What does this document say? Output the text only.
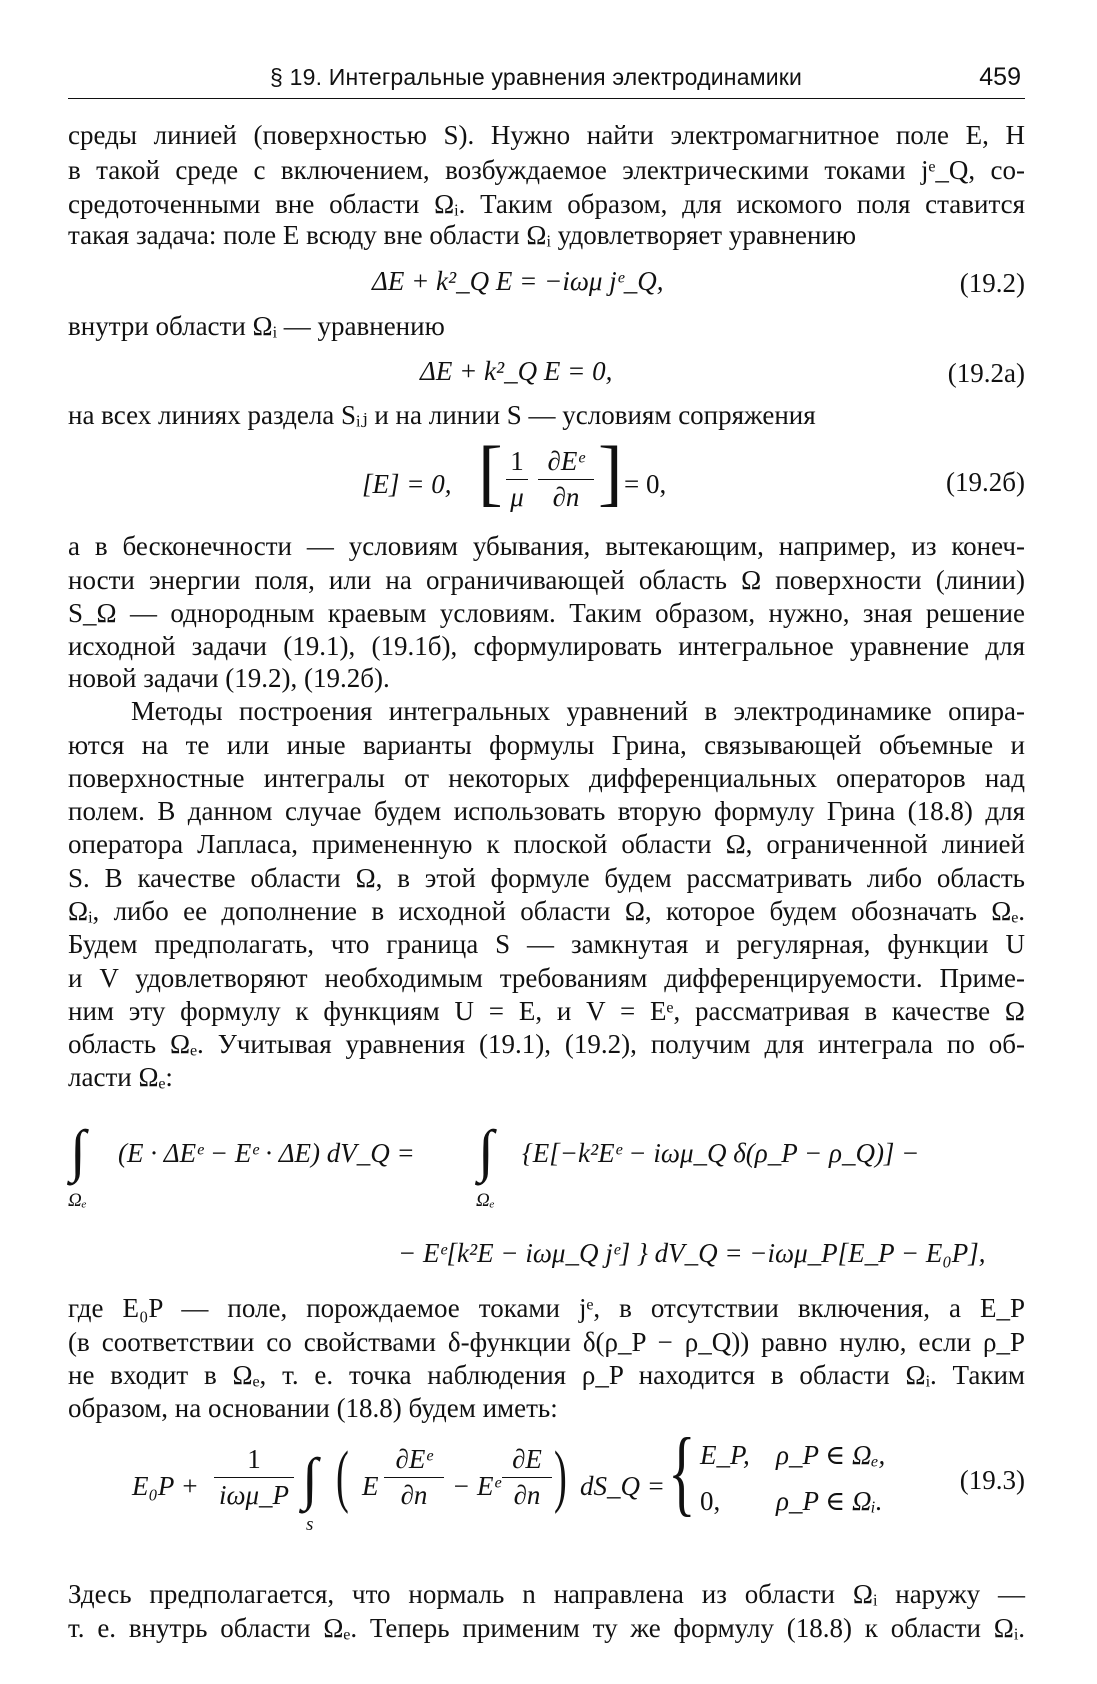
§ 19. Интегральные уравнения электродинамики	459
среды линией (поверхностью S). Нужно найти электромагнитное поле E, H
в такой среде с включением, возбуждаемое электрическими токами jᵉ_Q, со-
средоточенными вне области Ωᵢ. Таким образом, для искомого поля ставится
такая задача: поле E всюду вне области Ωᵢ удовлетворяет уравнению
ΔE + k²_Q E = −iωμ jᵉ_Q,	(19.2)
внутри области Ωᵢ — уравнению
ΔE + k²_Q E = 0,	(19.2а)
на всех линиях раздела Sᵢⱼ и на линии S — условиям сопряжения
[E] = 0, [ 1
μ
∂Eᵉ
∂n ] = 0,	(19.2б)
а в бесконечности — условиям убывания, вытекающим, например, из конеч-
ности энергии поля, или на ограничивающей область Ω поверхности (линии)
S_Ω — однородным краевым условиям. Таким образом, нужно, зная решение
исходной задачи (19.1), (19.1б), сформулировать интегральное уравнение для
новой задачи (19.2), (19.2б).
Методы построения интегральных уравнений в электродинамике опира-
ются на те или иные варианты формулы Грина, связывающей объемные и
поверхностные интегралы от некоторых дифференциальных операторов над
полем. В данном случае будем использовать вторую формулу Грина (18.8) для
оператора Лапласа, примененную к плоской области Ω, ограниченной линией
S. В качестве области Ω, в этой формуле будем рассматривать либо область
Ωᵢ, либо ее дополнение в исходной области Ω, которое будем обозначать Ωₑ.
Будем предполагать, что граница S — замкнутая и регулярная, функции U
и V удовлетворяют необходимым требованиям дифференцируемости. Приме-
ним эту формулу к функциям U = E, и V = Eᵉ, рассматривая в качестве Ω
область Ωₑ. Учитывая уравнения (19.1), (19.2), получим для интеграла по об-
ласти Ωₑ:
∫
Ωₑ
(E · ΔEᵉ − Eᵉ · ΔE) dV_Q = ∫
Ωₑ
{E[−k²Eᵉ − iωμ_Q δ(ρ_P − ρ_Q)] −
− Eᵉ[k²E − iωμ_Q jᵉ] } dV_Q = −iωμ_P[E_P − E₀P],
где E₀P — поле, порождаемое токами jᵉ, в отсутствии включения, а E_P
(в соответствии со свойствами δ-функции δ(ρ_P − ρ_Q)) равно нулю, если ρ_P
не входит в Ωₑ, т. е. точка наблюдения ρ_P находится в области Ωᵢ. Таким
образом, на основании (18.8) будем иметь:
E₀P +
1
iωμ_P ∫
s
( E
∂Eᵉ
∂n − Eᵉ
∂E
∂n ) dS_Q = { E_P, ρ_P ∈ Ωₑ,
0, ρ_P ∈ Ωᵢ.
(19.3)
Здесь предполагается, что нормаль n направлена из области Ωᵢ наружу —
т. е. внутрь области Ωₑ. Теперь применим ту же формулу (18.8) к области Ωᵢ.
